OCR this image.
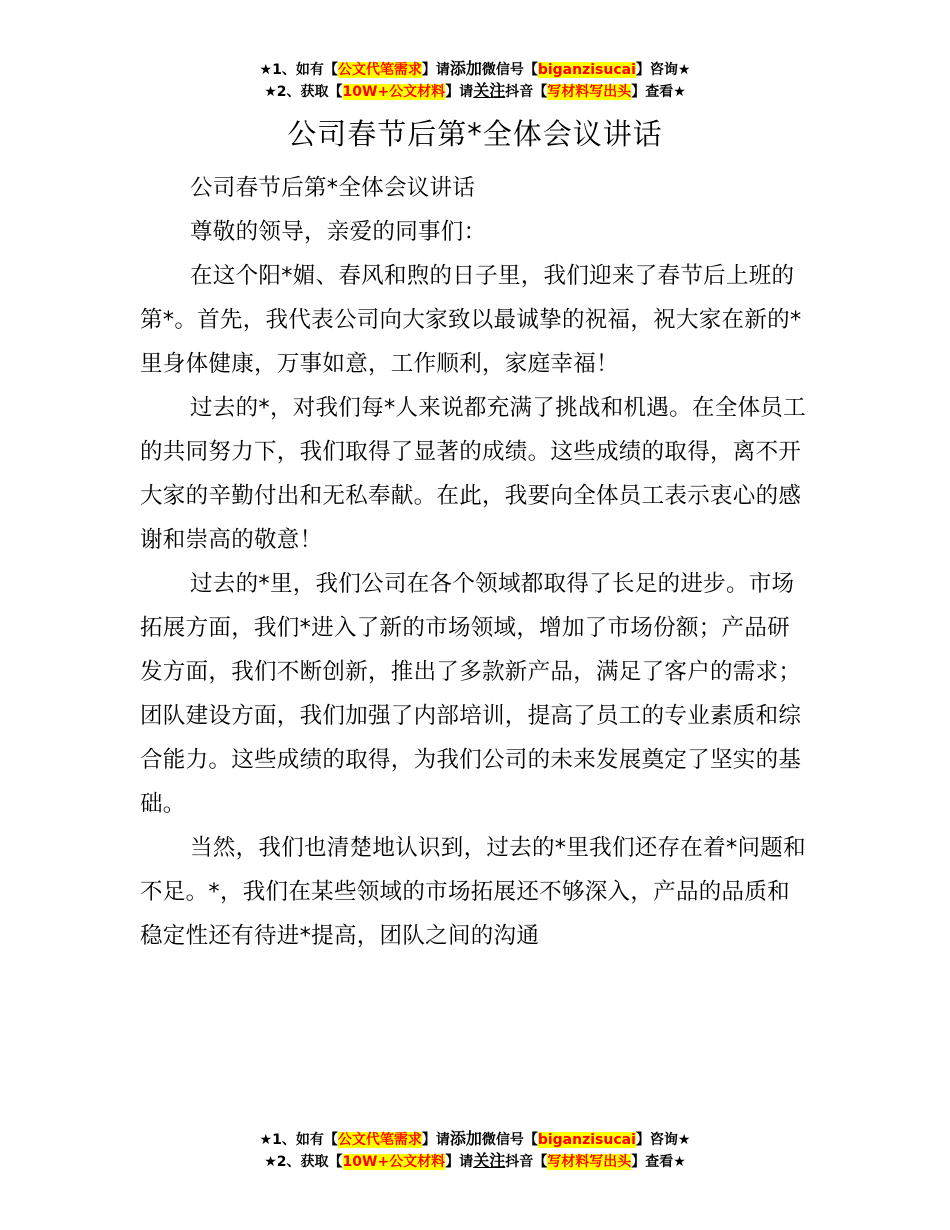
★1、如有【公文代笔需求】请添加微信号【biganzisucai】咨询★
★2、获取【10W+公文材料】请关注抖音【写材料写出头】查看★
公司春节后第*全体会议讲话

公司春节后第*全体会议讲话

尊敬的领导，亲爱的同事们：

在这个阳*媚、春风和煦的日子里，我们迎来了春节后上班的第*。首先，我代表公司向大家致以最诚挚的祝福，祝大家在新的*里身体健康，万事如意，工作顺利，家庭幸福！

过去的*，对我们每*人来说都充满了挑战和机遇。在全体员工的共同努力下，我们取得了显著的成绩。这些成绩的取得，离不开大家的辛勤付出和无私奉献。在此，我要向全体员工表示衷心的感谢和崇高的敬意！

过去的*里，我们公司在各个领域都取得了长足的进步。市场拓展方面，我们*进入了新的市场领域，增加了市场份额；产品研发方面，我们不断创新，推出了多款新产品，满足了客户的需求；团队建设方面，我们加强了内部培训，提高了员工的专业素质和综合能力。这些成绩的取得，为我们公司的未来发展奠定了坚实的基础。

当然，我们也清楚地认识到，过去的*里我们还存在着*问题和不足。*，我们在某些领域的市场拓展还不够深入，产品的品质和稳定性还有待进*提高，团队之间的沟通

★1、如有【公文代笔需求】请添加微信号【biganzisucai】咨询★
★2、获取【10W+公文材料】请关注抖音【写材料写出头】查看★
